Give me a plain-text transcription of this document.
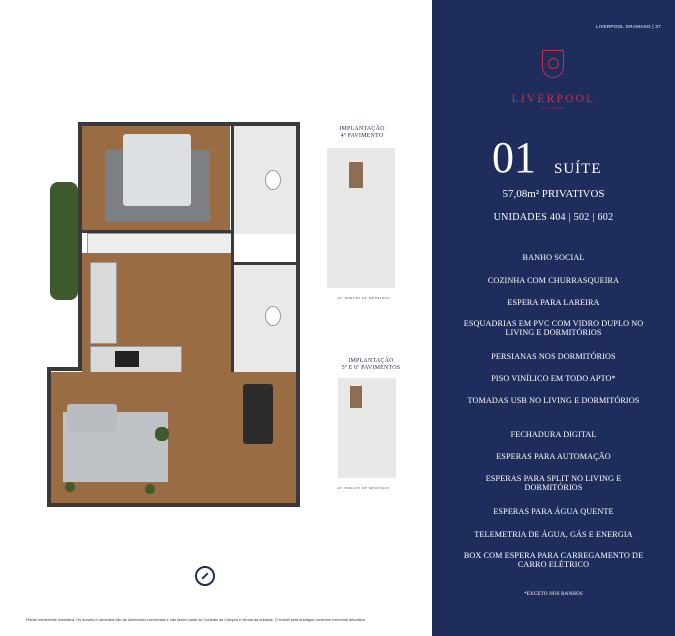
IMPLANTAÇÃO
4º PAVIMENTO
AV. BORGES DE MEDEIROS
IMPLANTAÇÃO
5º E 6º PAVIMENTOS
AV. BORGES DE MEDEIROS
Planta meramente ilustrativa. Os móveis e utensílios são de dimensões comerciais e não fazem parte do Contrato de Compra e Venda da unidade. O imóvel será entregue conforme memorial descritivo.
LIVERPOOL GRAMADO | 37
LIVERPOOL
GRAMADO
01 SUÍTE
57,08m² PRIVATIVOS
UNIDADES 404 | 502 | 602
BANHO SOCIAL
COZINHA COM CHURRASQUEIRA
ESPERA PARA LAREIRA
ESQUADRIAS EM PVC COM VIDRO DUPLO NO LIVING E DORMITÓRIOS
PERSIANAS NOS DORMITÓRIOS
PISO VINÍLICO EM TODO APTO*
TOMADAS USB NO LIVING E DORMITÓRIOS
FECHADURA DIGITAL
ESPERAS PARA AUTOMAÇÃO
ESPERAS PARA SPLIT NO LIVING E DORMITÓRIOS
ESPERAS PARA ÁGUA QUENTE
TELEMETRIA DE ÁGUA, GÁS E ENERGIA
BOX COM ESPERA PARA CARREGAMENTO DE CARRO ELÉTRICO
*EXCETO NOS BANHOS
